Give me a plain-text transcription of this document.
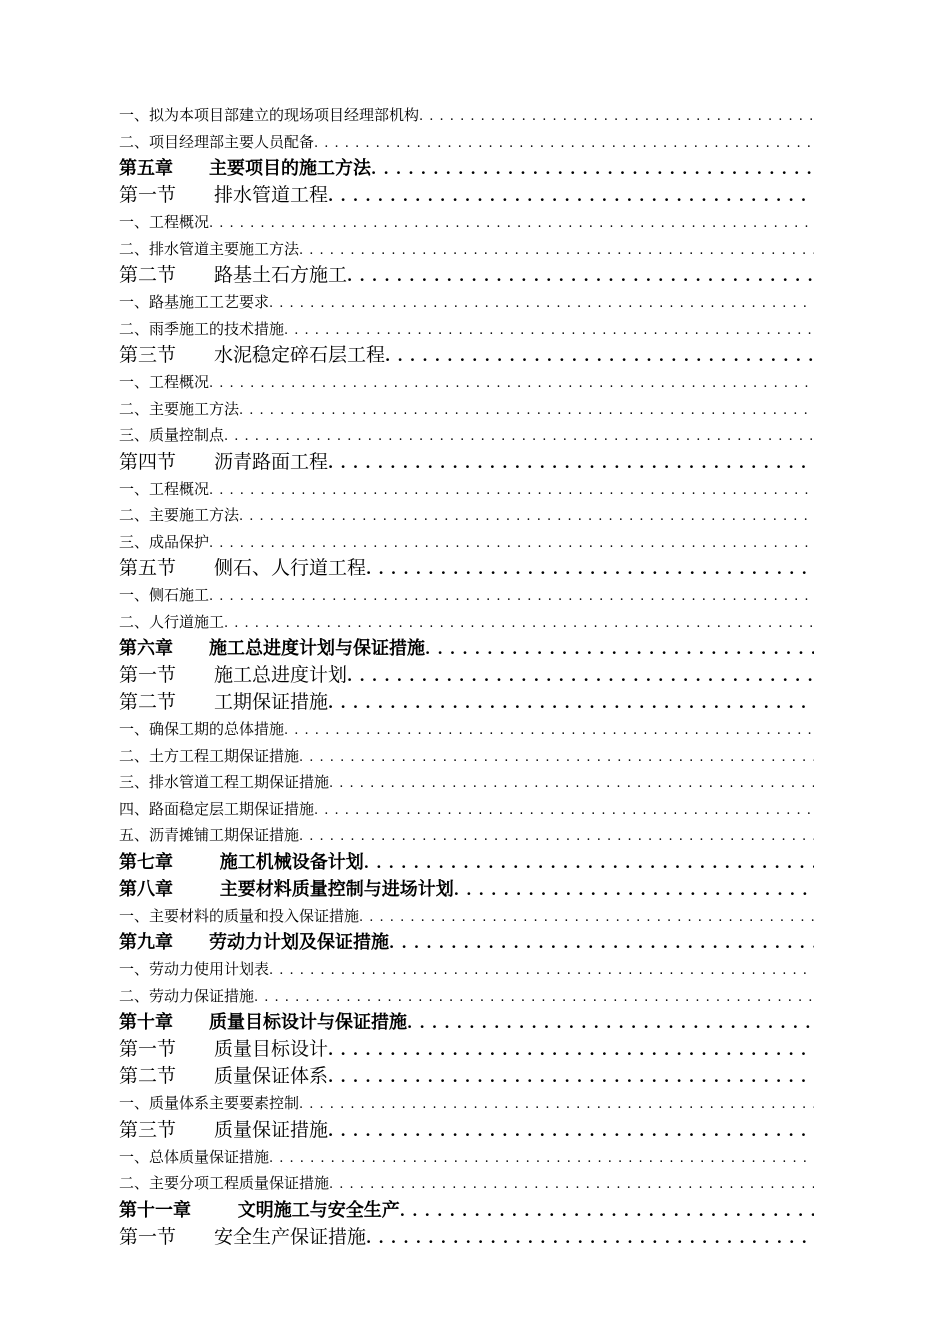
一、拟为本项目部建立的现场项目经理部机构
. . .
二、项目经理部主要人员配备
. . .
第五章 主要项目的施工方法
. . .
第一节 排水管道工程
. . .
一、工程概况
. . .
二、排水管道主要施工方法
. . .
第二节 路基土石方施工
. . .
一、路基施工工艺要求
. . .
二、雨季施工的技术措施
. . .
第三节 水泥稳定碎石层工程
. . .
一、工程概况
. . .
二、主要施工方法
. . .
三、质量控制点
. . .
第四节 沥青路面工程
. . .
一、工程概况
. . .
二、主要施工方法
. . .
三、成品保护
. . .
第五节 侧石、人行道工程
. . .
一、侧石施工
. . .
二、人行道施工
. . .
第六章 施工总进度计划与保证措施
. . .
第一节 施工总进度计划
. . .
第二节 工期保证措施
. . .
一、确保工期的总体措施
. . .
二、土方工程工期保证措施
. . .
三、排水管道工程工期保证措施
. . .
四、路面稳定层工期保证措施
. . .
五、沥青摊铺工期保证措施
. . .
第七章	施工机械设备计划
. . .
第八章	主要材料质量控制与进场计划
. . .
一、主要材料的质量和投入保证措施
. . .
第九章 劳动力计划及保证措施
. . .
一、劳动力使用计划表
. . .
二、劳动力保证措施
. . .
第十章 质量目标设计与保证措施
. . .
第一节 质量目标设计
. . .
第二节 质量保证体系
. . .
一、质量体系主要要素控制
. . .
第三节 质量保证措施
. . .
一、总体质量保证措施
. . .
二、主要分项工程质量保证措施
. . .
第十一章	文明施工与安全生产
. . .
第一节 安全生产保证措施
. . .
